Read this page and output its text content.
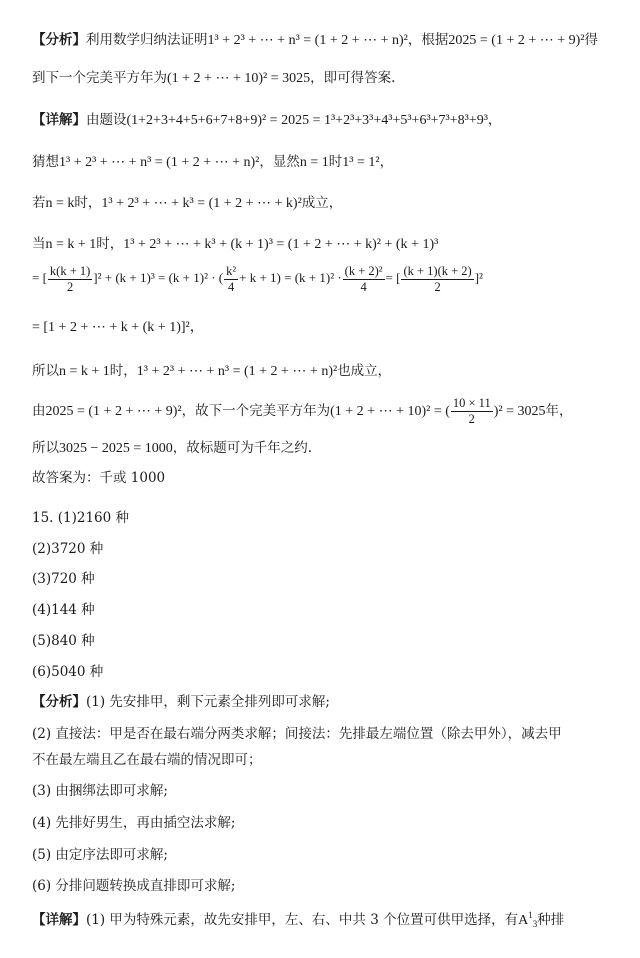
【分析】利用数学归纳法证明1³ + 2³ + ⋯ + n³ = (1 + 2 + ⋯ + n)²，根据2025 = (1 + 2 + ⋯ + 9)²得
到下一个完美平方年为(1 + 2 + ⋯ + 10)² = 3025，即可得答案.
【详解】由题设(1+2+3+4+5+6+7+8+9)² = 2025 = 1³+2³+3³+4³+5³+6³+7³+8³+9³，
猜想1³ + 2³ + ⋯ + n³ = (1 + 2 + ⋯ + n)²，显然n = 1时1³ = 1²，
若n = k时，1³ + 2³ + ⋯ + k³ = (1 + 2 + ⋯ + k)²成立，
当n = k + 1时，1³ + 2³ + ⋯ + k³ + (k + 1)³ = (1 + 2 + ⋯ + k)² + (k + 1)³
= [ $\frac{k(k + 1)}{2} ]^2 + (k + 1)^3 = (k + 1)^2$ · ( $\frac{\text{k²}}{4} + k + 1) = (k + 1)^2 \cdot \frac{\text{(k + 2)²}}{4}$ = [ $\frac{(k + 1)(k + 2)}{2} ]^2$
= [1 + 2 + ⋯ + k + (k + 1)]²，
所以n = k + 1时，1³ + 2³ + ⋯ + n³ = (1 + 2 + ⋯ + n)²也成立，
由2025 = (1 + 2 + ⋯ + 9)²，故下一个完美平方年为(1 + 2 + ⋯ + 10)² = ( $\frac{10 \times 11}{2} )^2 = 3025$年，
所以3025 − 2025 = 1000，故标题可为千年之约.
故答案为：千或 1000
15. (1)2160 种
(2)3720 种
(3)720 种
(4)144 种
(5)840 种
(6)5040 种
【分析】(1) 先安排甲，剩下元素全排列即可求解;
(2) 直接法：甲是否在最右端分两类求解；间接法：先排最左端位置（除去甲外），减去甲
不在最左端且乙在最右端的情况即可；
(3) 由捆绑法即可求解;
(4) 先排好男生，再由插空法求解;
(5) 由定序法即可求解;
(6) 分排问题转换成直排即可求解;
【详解】(1) 甲为特殊元素，故先安排甲，左、右、中共 3 个位置可供甲选择，有$A^1_3$种排
